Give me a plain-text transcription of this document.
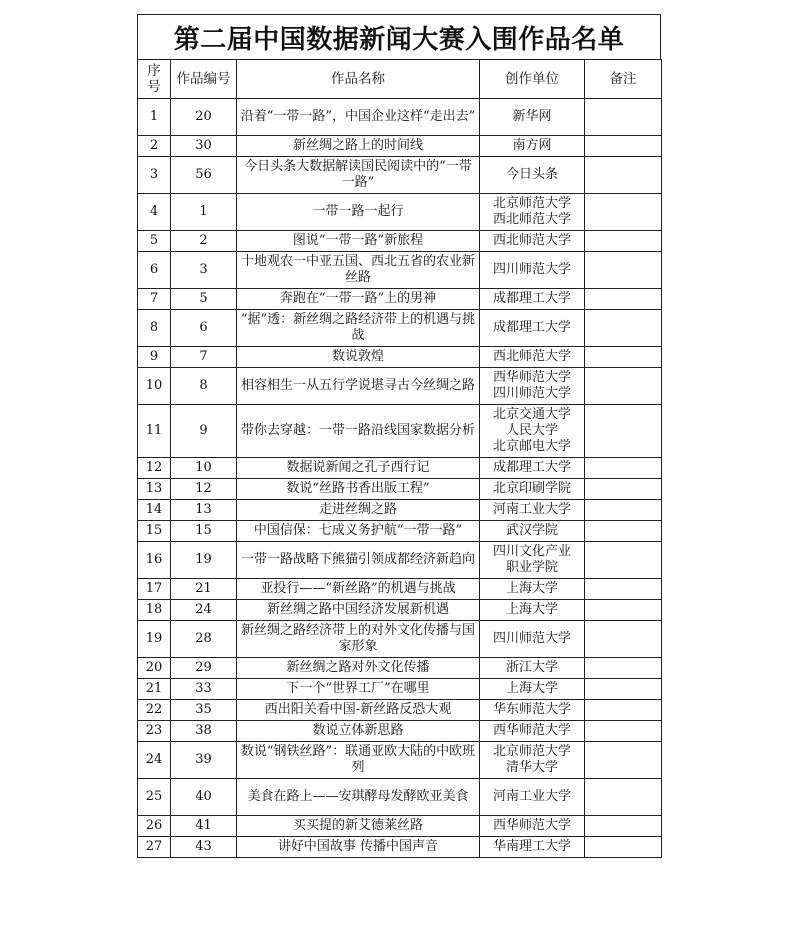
第二届中国数据新闻大赛入围作品名单
序号	作品编号	作品名称	创作单位	备注
1	20	沿着“一带一路”，中国企业这样“走出去”	新华网	

2	30	新丝绸之路上的时间线	南方网	

3	56	今日头条大数据解读国民阅读中的“一带一路”	今日头条	

4	1	一带一路一起行	北京师范大学
西北师范大学	

5	2	图说“一带一路”新旅程	西北师范大学	

6	3	十地观农一中亚五国、西北五省的农业新丝路	四川师范大学	

7	5	奔跑在“一带一路”上的男神	成都理工大学	

8	6	“据”透：新丝绸之路经济带上的机遇与挑战	成都理工大学	

9	7	数说敦煌	西北师范大学	

10	8	相容相生一从五行学说堪寻古今丝绸之路	西华师范大学
四川师范大学	

11	9	带你去穿越：一带一路沿线国家数据分析	北京交通大学
人民大学
北京邮电大学	

12	10	数据说新闻之孔子西行记	成都理工大学	

13	12	数说“丝路书香出版工程”	北京印刷学院	

14	13	走进丝绸之路	河南工业大学	

15	15	中国信保：七成义务护航“一带一路”	武汉学院	

16	19	一带一路战略下熊猫引领成都经济新趋向	四川文化产业
职业学院	

17	21	亚投行——“新丝路”的机遇与挑战	上海大学	

18	24	新丝绸之路中国经济发展新机遇	上海大学	

19	28	新丝绸之路经济带上的对外文化传播与国家形象	四川师范大学	

20	29	新丝绸之路对外文化传播	浙江大学	

21	33	下一个“世界工厂”在哪里	上海大学	

22	35	西出阳关看中国-新丝路反恐大观	华东师范大学	

23	38	数说立体新思路	西华师范大学	

24	39	数说“钢铁丝路”：联通亚欧大陆的中欧班列	北京师范大学
清华大学	

25	40	美食在路上——安琪酵母发酵欧亚美食	河南工业大学	

26	41	买买提的新艾德莱丝路	西华师范大学	

27	43	讲好中国故事 传播中国声音	华南理工大学	
